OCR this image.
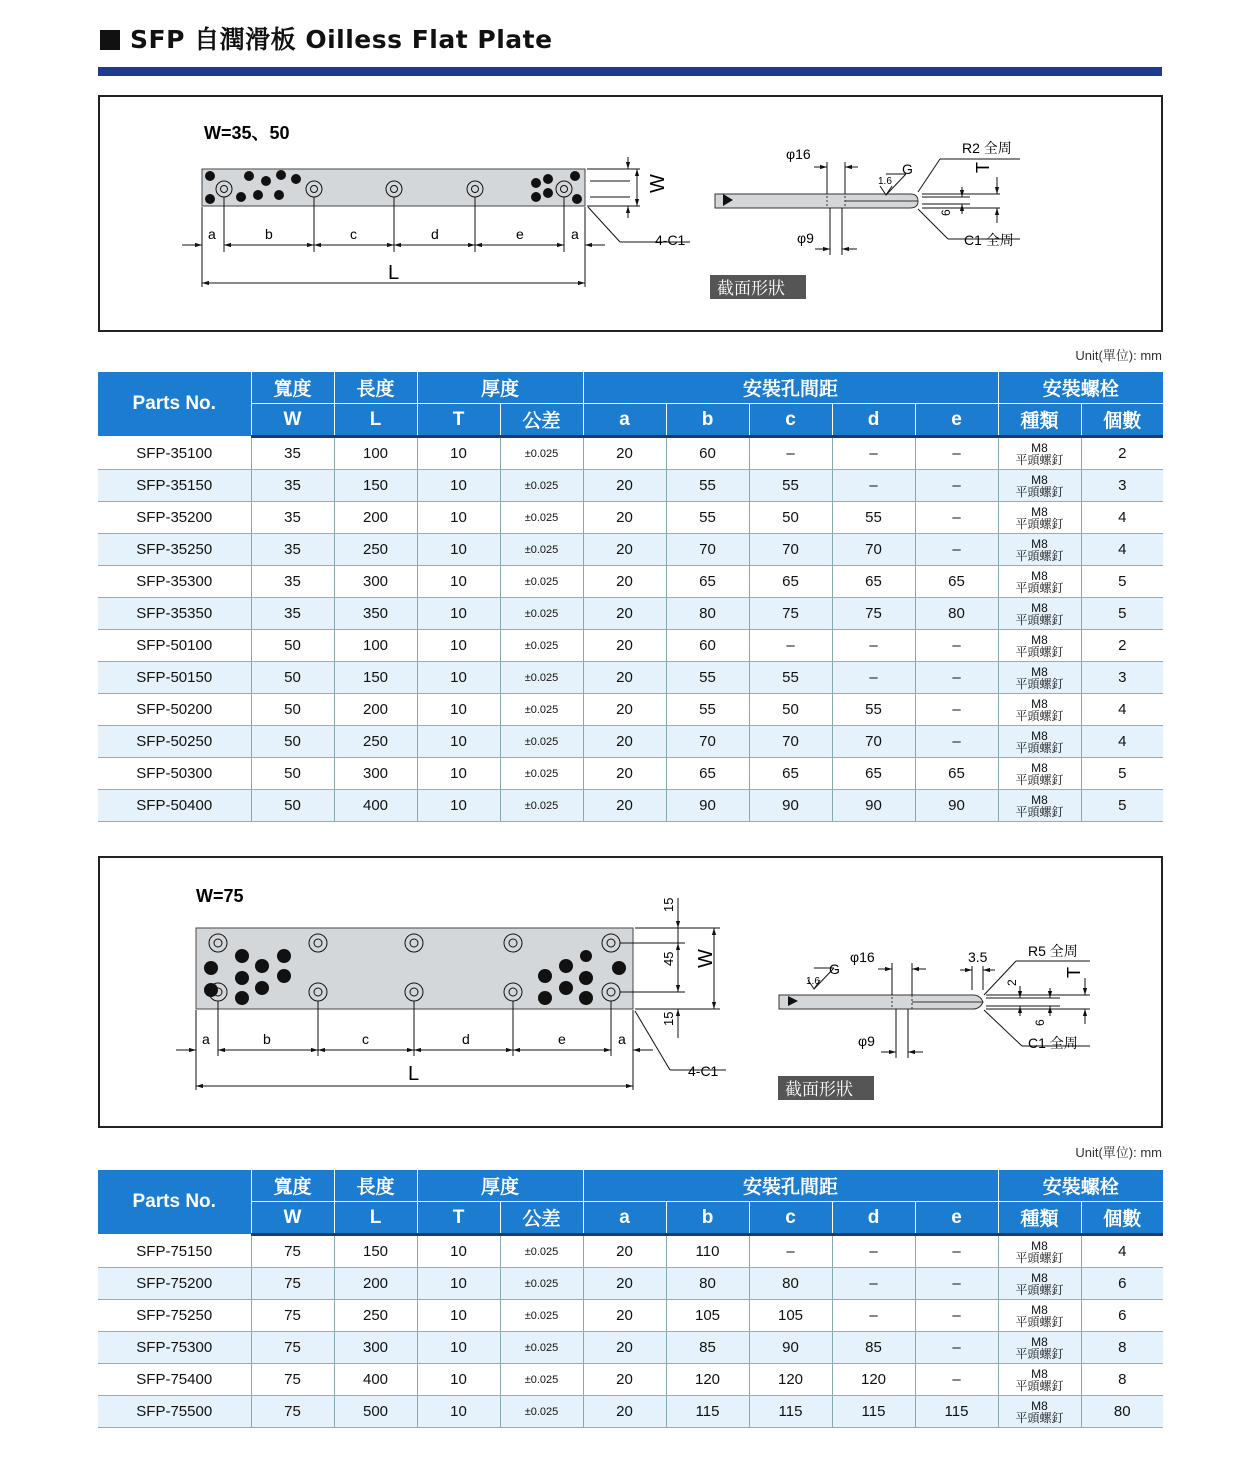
SFP 自潤滑板 Oilless Flat Plate
W=35、50
a	b	c	d	e	a
L
W
4-C1
φ16
φ9
1.6
G
R2 全周
C1 全周
T
6
截面形狀
Unit(單位): mm
Parts No.	寬度	長度	厚度		安裝孔間距					安裝螺栓	
	W	L	T	公差	a	b	c	d	e	種類	個數
SFP-35100	35	100	10	±0.025	20	60	–	–	–	M8
平頭螺釘	2
SFP-35150	35	150	10	±0.025	20	55	55	–	–	M8
平頭螺釘	3
SFP-35200	35	200	10	±0.025	20	55	50	55	–	M8
平頭螺釘	4
SFP-35250	35	250	10	±0.025	20	70	70	70	–	M8
平頭螺釘	4
SFP-35300	35	300	10	±0.025	20	65	65	65	65	M8
平頭螺釘	5
SFP-35350	35	350	10	±0.025	20	80	75	75	80	M8
平頭螺釘	5
SFP-50100	50	100	10	±0.025	20	60	–	–	–	M8
平頭螺釘	2
SFP-50150	50	150	10	±0.025	20	55	55	–	–	M8
平頭螺釘	3
SFP-50200	50	200	10	±0.025	20	55	50	55	–	M8
平頭螺釘	4
SFP-50250	50	250	10	±0.025	20	70	70	70	–	M8
平頭螺釘	4
SFP-50300	50	300	10	±0.025	20	65	65	65	65	M8
平頭螺釘	5
SFP-50400	50	400	10	±0.025	20	90	90	90	90	M8
平頭螺釘	5
W=75
a	b	c	d	e	a
L
15
45
15
W
4-C1
φ16
φ9
1.6
G
3.5	R5 全周
C1 全周
T
2
6
截面形狀
Unit(單位): mm
Parts No.	寬度	長度	厚度		安裝孔間距					安裝螺栓	
	W	L	T	公差	a	b	c	d	e	種類	個數
SFP-75150	75	150	10	±0.025	20	110	–	–	–	M8
平頭螺釘	4
SFP-75200	75	200	10	±0.025	20	80	80	–	–	M8
平頭螺釘	6
SFP-75250	75	250	10	±0.025	20	105	105	–	–	M8
平頭螺釘	6
SFP-75300	75	300	10	±0.025	20	85	90	85	–	M8
平頭螺釘	8
SFP-75400	75	400	10	±0.025	20	120	120	120	–	M8
平頭螺釘	8
SFP-75500	75	500	10	±0.025	20	115	115	115	115	M8
平頭螺釘	80
